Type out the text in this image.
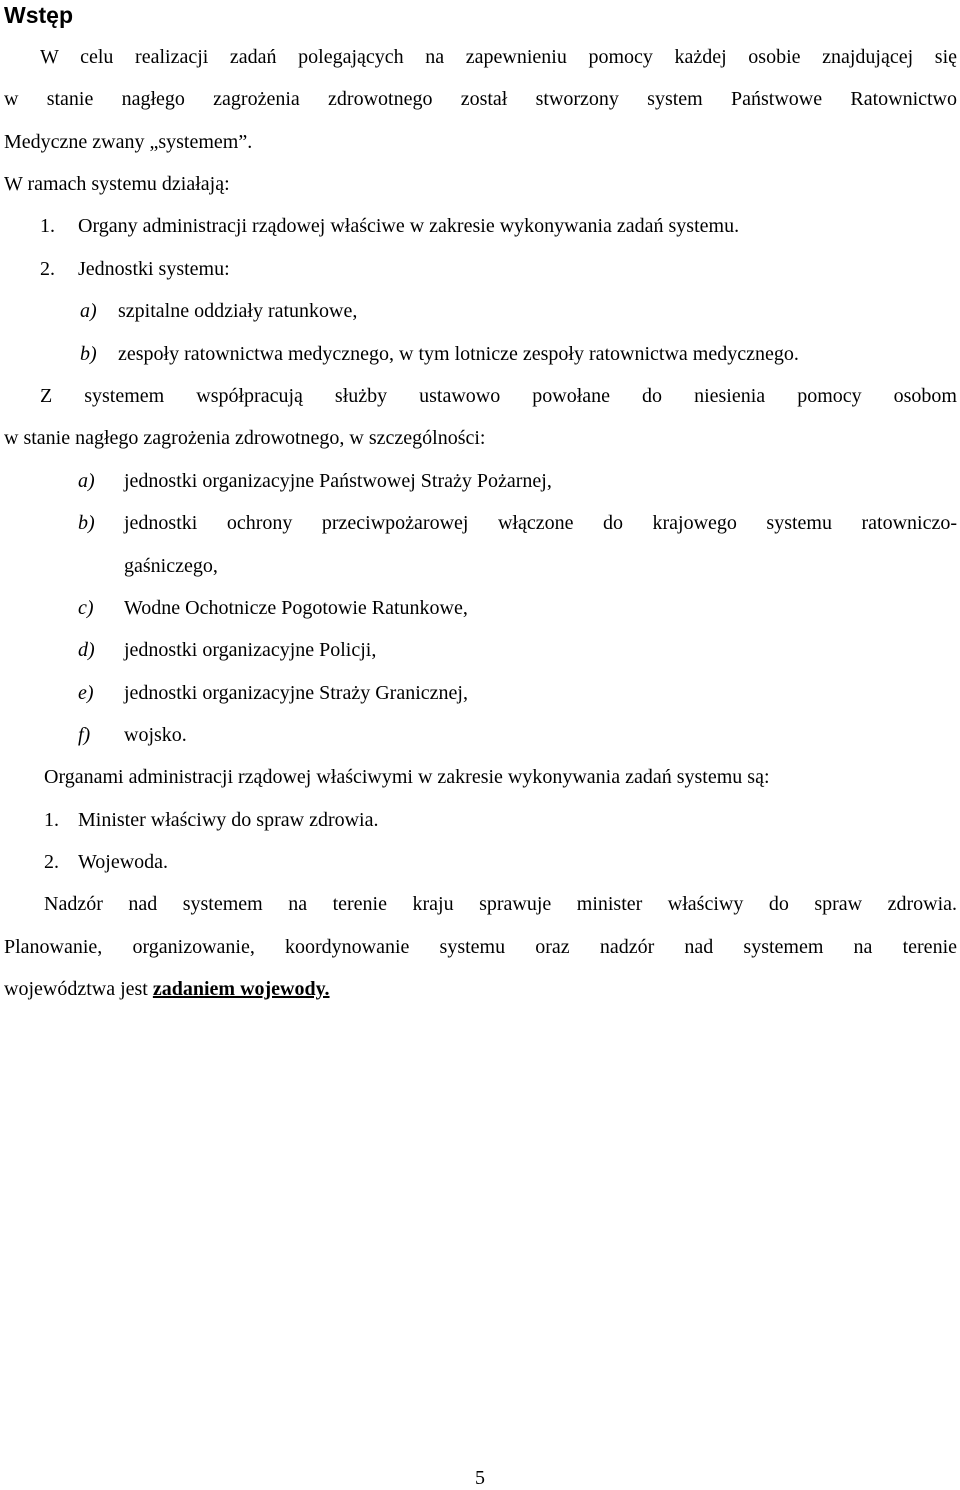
Wstęp
W celu realizacji zadań polegających na zapewnieniu pomocy każdej osobie znajdującej się
w stanie nagłego zagrożenia zdrowotnego został stworzony system Państwowe Ratownictwo
Medyczne zwany „systemem”.
W ramach systemu działają:
1. Organy administracji rządowej właściwe w zakresie wykonywania zadań systemu.
2. Jednostki systemu:
a) szpitalne oddziały ratunkowe,
b) zespoły ratownictwa medycznego, w tym lotnicze zespoły ratownictwa medycznego.
Z systemem współpracują służby ustawowo powołane do niesienia pomocy osobom
w stanie nagłego zagrożenia zdrowotnego, w szczególności:
a) jednostki organizacyjne Państwowej Straży Pożarnej,
b) jednostki ochrony przeciwpożarowej włączone do krajowego systemu ratowniczo-
gaśniczego,
c) Wodne Ochotnicze Pogotowie Ratunkowe,
d) jednostki organizacyjne Policji,
e) jednostki organizacyjne Straży Granicznej,
f) wojsko.
Organami administracji rządowej właściwymi w zakresie wykonywania zadań systemu są:
1. Minister właściwy do spraw zdrowia.
2. Wojewoda.
Nadzór nad systemem na terenie kraju sprawuje minister właściwy do spraw zdrowia.
Planowanie, organizowanie, koordynowanie systemu oraz nadzór nad systemem na terenie
województwa jest zadaniem wojewody.
5
